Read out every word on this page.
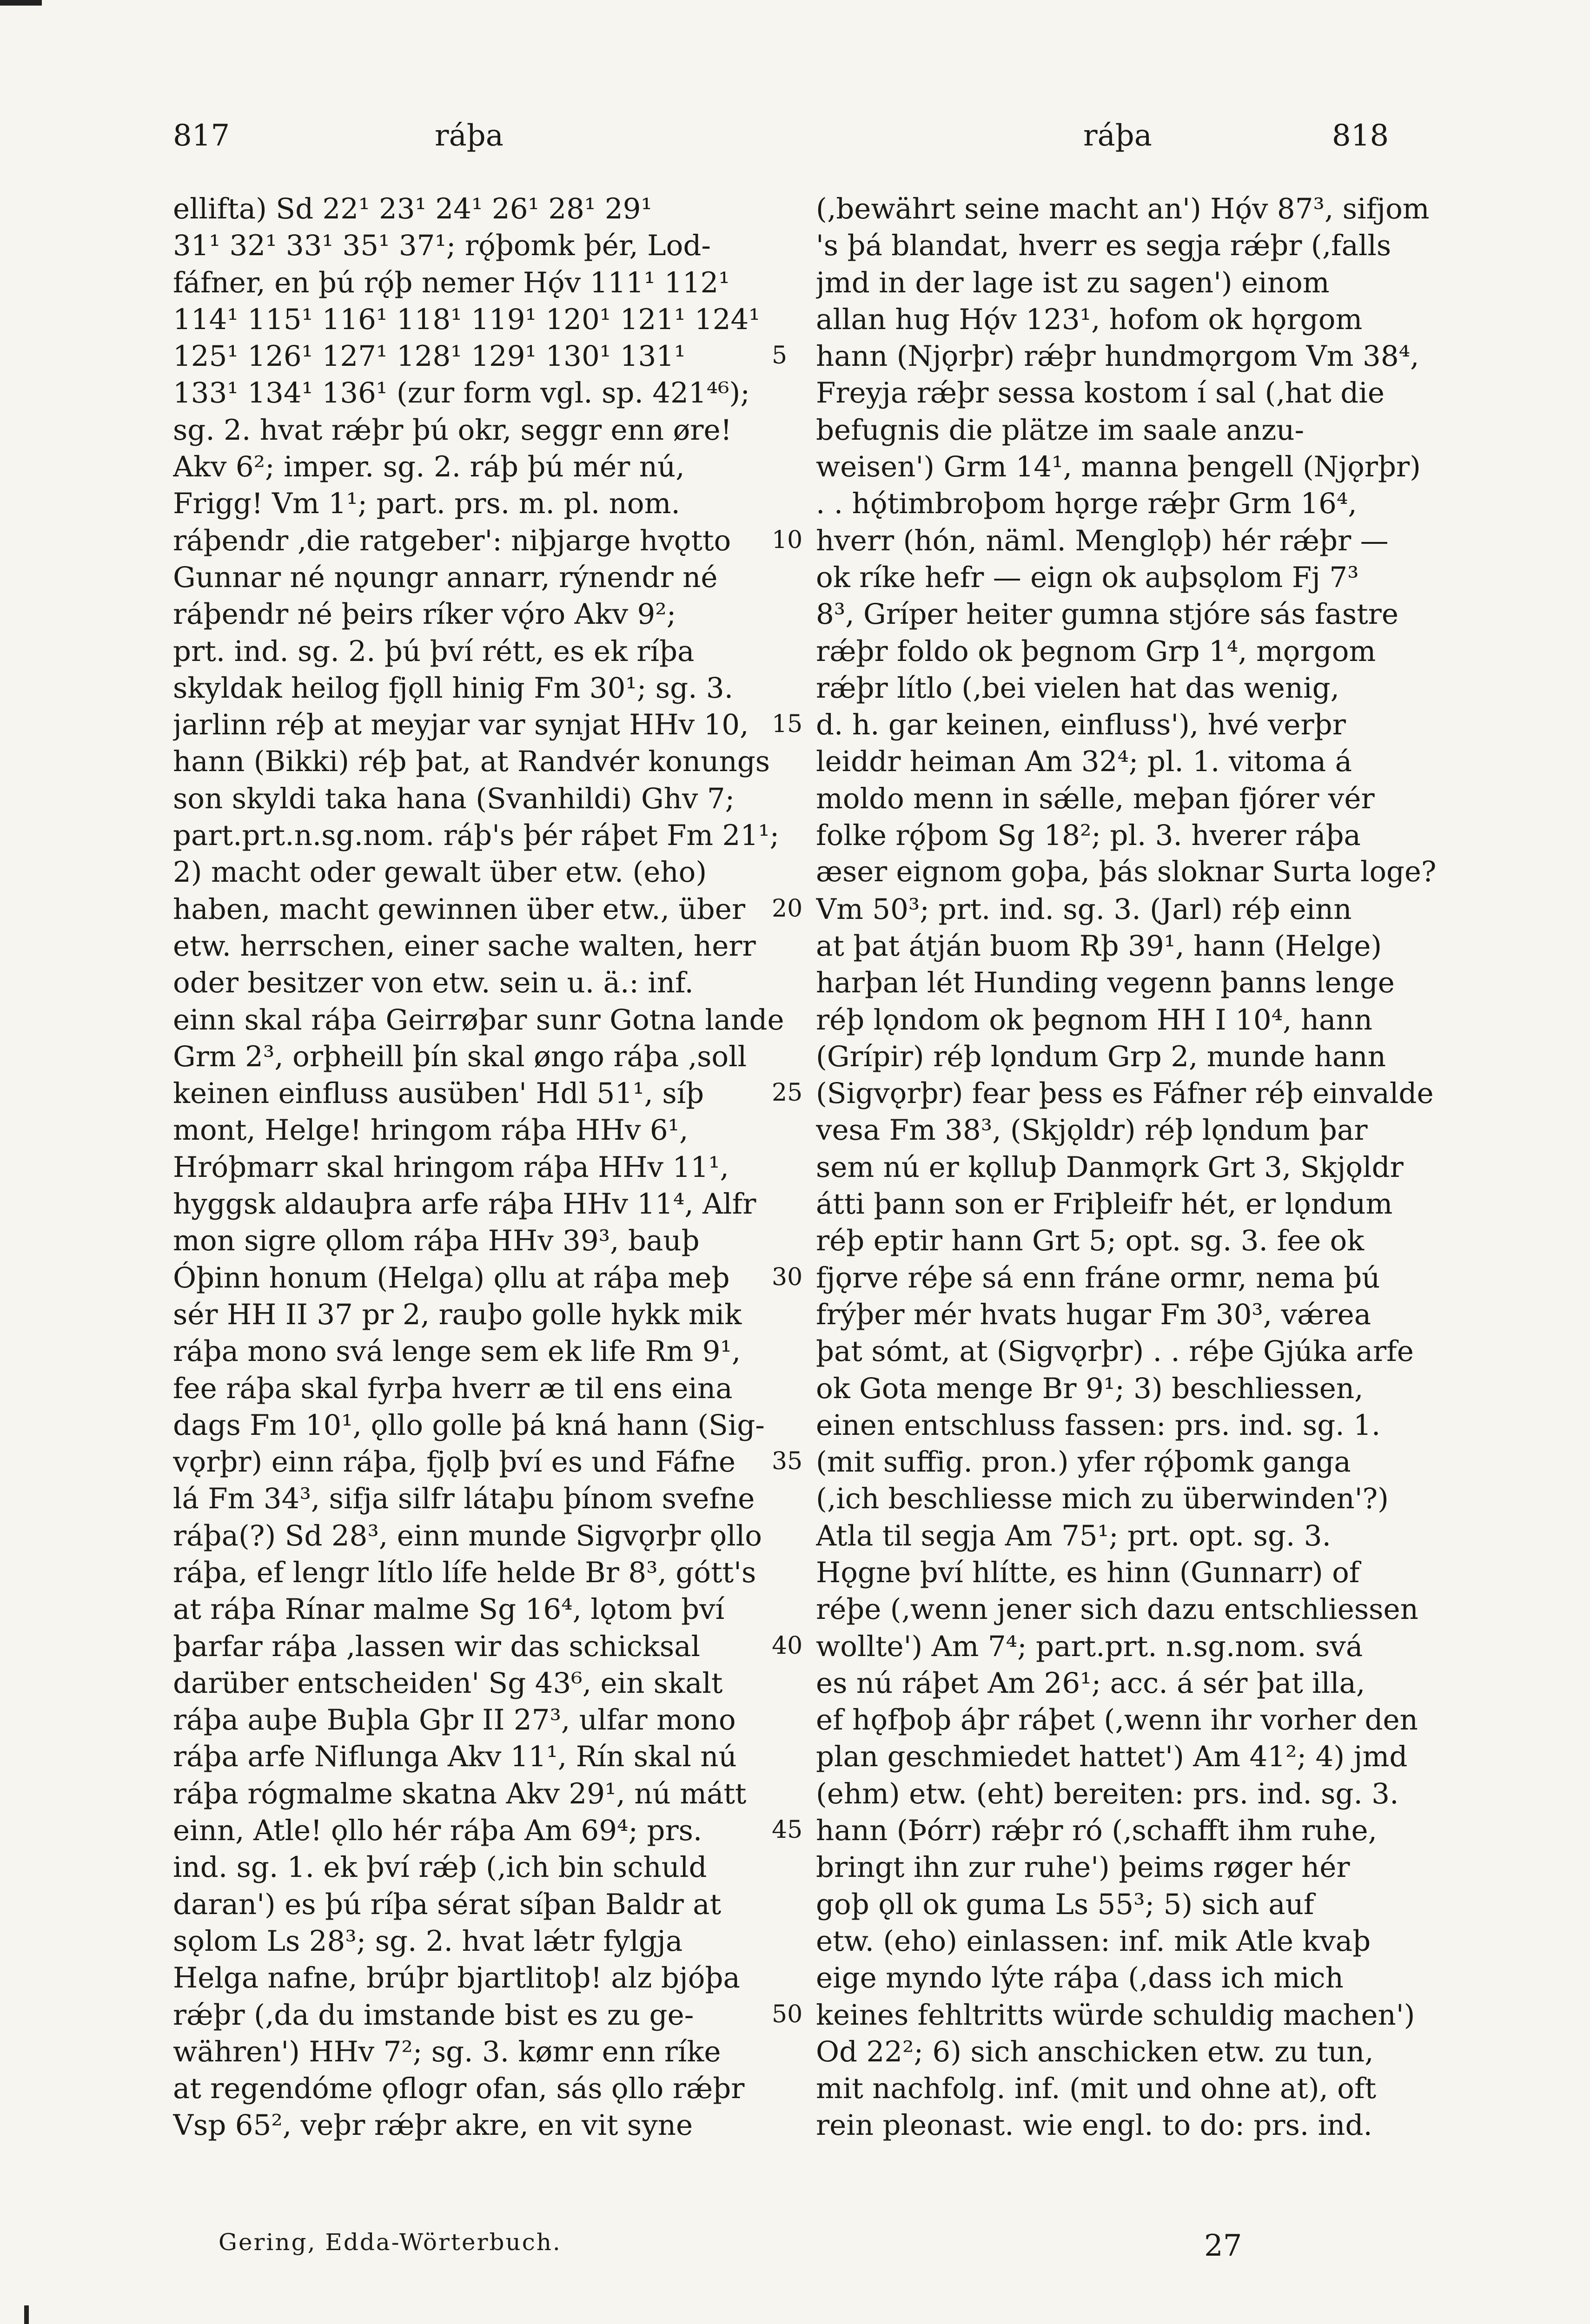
817	ráþa	ráþa	818
ellifta) Sd 22¹ 23¹ 24¹ 26¹ 28¹ 29¹
31¹ 32¹ 33¹ 35¹ 37¹; rǫ́þomk þér, Lod-
fáfner, en þú rǫ́þ nemer Hǫ́v 111¹ 112¹
114¹ 115¹ 116¹ 118¹ 119¹ 120¹ 121¹ 124¹
125¹ 126¹ 127¹ 128¹ 129¹ 130¹ 131¹
133¹ 134¹ 136¹ (zur form vgl. sp. 421⁴⁶);
sg. 2. hvat rǽþr þú okr, seggr enn øre!
Akv 6²; imper. sg. 2. ráþ þú mér nú,
Frigg! Vm 1¹; part. prs. m. pl. nom.
ráþendr ‚die ratgeber': niþjarge hvǫtto
Gunnar né nǫungr annarr, rýnendr né
ráþendr né þeirs ríker vǫ́ro Akv 9²;
prt. ind. sg. 2. þú því rétt, es ek ríþa
skyldak heilog fjǫll hinig Fm 30¹; sg. 3.
jarlinn réþ at meyjar var synjat HHv 10,
hann (Bikki) réþ þat, at Randvér konungs
son skyldi taka hana (Svanhildi) Ghv 7;
part.prt.n.sg.nom. ráþ's þér ráþet Fm 21¹;
2) macht oder gewalt über etw. (eho)
haben, macht gewinnen über etw., über
etw. herrschen, einer sache walten, herr
oder besitzer von etw. sein u. ä.: inf.
einn skal ráþa Geirrøþar sunr Gotna lande
Grm 2³, orþheill þín skal øngo ráþa ‚soll
keinen einfluss ausüben' Hdl 51¹, síþ
mont, Helge! hringom ráþa HHv 6¹,
Hróþmarr skal hringom ráþa HHv 11¹,
hyggsk aldauþra arfe ráþa HHv 11⁴, Alfr
mon sigre ǫllom ráþa HHv 39³, bauþ
Óþinn honum (Helga) ǫllu at ráþa meþ
sér HH II 37 pr 2, rauþo golle hykk mik
ráþa mono svá lenge sem ek life Rm 9¹,
fee ráþa skal fyrþa hverr æ til ens eina
dags Fm 10¹, ǫllo golle þá kná hann (Sig-
vǫrþr) einn ráþa, fjǫlþ því es und Fáfne
lá Fm 34³, sifja silfr látaþu þínom svefne
ráþa(?) Sd 28³, einn munde Sigvǫrþr ǫllo
ráþa, ef lengr lítlo lífe helde Br 8³, gótt's
at ráþa Rínar malme Sg 16⁴, lǫtom því
þarfar ráþa ‚lassen wir das schicksal
darüber entscheiden' Sg 43⁶, ein skalt
ráþa auþe Buþla Gþr II 27³, ulfar mono
ráþa arfe Niflunga Akv 11¹, Rín skal nú
ráþa rógmalme skatna Akv 29¹, nú mátt
einn, Atle! ǫllo hér ráþa Am 69⁴; prs.
ind. sg. 1. ek því rǽþ (‚ich bin schuld
daran') es þú ríþa sérat síþan Baldr at
sǫlom Ls 28³; sg. 2. hvat lǽtr fylgja
Helga nafne, brúþr bjartlitoþ! alz bjóþa
rǽþr (‚da du imstande bist es zu ge-
währen') HHv 7²; sg. 3. kømr enn ríke
at regendóme ǫflogr ofan, sás ǫllo rǽþr
Vsp 65², veþr rǽþr akre, en vit syne
5
10
15
20
25
30
35
40
45
50
(‚bewährt seine macht an') Hǫ́v 87³, sifjom
's þá blandat, hverr es segja rǽþr (‚falls
jmd in der lage ist zu sagen') einom
allan hug Hǫ́v 123¹, hofom ok hǫrgom
hann (Njǫrþr) rǽþr hundmǫrgom Vm 38⁴,
Freyja rǽþr sessa kostom í sal (‚hat die
befugnis die plätze im saale anzu-
weisen') Grm 14¹, manna þengell (Njǫrþr)
. . hǫ́timbroþom hǫrge rǽþr Grm 16⁴,
hverr (hón, näml. Menglǫþ) hér rǽþr —
ok ríke hefr — eign ok auþsǫlom Fj 7³
8³, Gríper heiter gumna stjóre sás fastre
rǽþr foldo ok þegnom Grp 1⁴, mǫrgom
rǽþr lítlo (‚bei vielen hat das wenig,
d. h. gar keinen, einfluss'), hvé verþr
leiddr heiman Am 32⁴; pl. 1. vitoma á
moldo menn in sǽlle, meþan fjórer vér
folke rǫ́þom Sg 18²; pl. 3. hverer ráþa
æser eignom goþa, þás sloknar Surta loge?
Vm 50³; prt. ind. sg. 3. (Jarl) réþ einn
at þat átján buom Rþ 39¹, hann (Helge)
harþan lét Hunding vegenn þanns lenge
réþ lǫndom ok þegnom HH I 10⁴, hann
(Grípir) réþ lǫndum Grp 2, munde hann
(Sigvǫrþr) fear þess es Fáfner réþ einvalde
vesa Fm 38³, (Skjǫldr) réþ lǫndum þar
sem nú er kǫlluþ Danmǫrk Grt 3, Skjǫldr
átti þann son er Friþleifr hét, er lǫndum
réþ eptir hann Grt 5; opt. sg. 3. fee ok
fjǫrve réþe sá enn fráne ormr, nema þú
frýþer mér hvats hugar Fm 30³, vǽrea
þat sómt, at (Sigvǫrþr) . . réþe Gjúka arfe
ok Gota menge Br 9¹; 3) beschliessen,
einen entschluss fassen: prs. ind. sg. 1.
(mit suffig. pron.) yfer rǫ́þomk ganga
(‚ich beschliesse mich zu überwinden'?)
Atla til segja Am 75¹; prt. opt. sg. 3.
Hǫgne því hlítte, es hinn (Gunnarr) of
réþe (‚wenn jener sich dazu entschliessen
wollte') Am 7⁴; part.prt. n.sg.nom. svá
es nú ráþet Am 26¹; acc. á sér þat illa,
ef hǫfþoþ áþr ráþet (‚wenn ihr vorher den
plan geschmiedet hattet') Am 41²; 4) jmd
(ehm) etw. (eht) bereiten: prs. ind. sg. 3.
hann (Þórr) rǽþr ró (‚schafft ihm ruhe,
bringt ihn zur ruhe') þeims røger hér
goþ ǫll ok guma Ls 55³; 5) sich auf
etw. (eho) einlassen: inf. mik Atle kvaþ
eige myndo lýte ráþa (‚dass ich mich
keines fehltritts würde schuldig machen')
Od 22²; 6) sich anschicken etw. zu tun,
mit nachfolg. inf. (mit und ohne at), oft
rein pleonast. wie engl. to do: prs. ind.
Gering, Edda-Wörterbuch.	27
